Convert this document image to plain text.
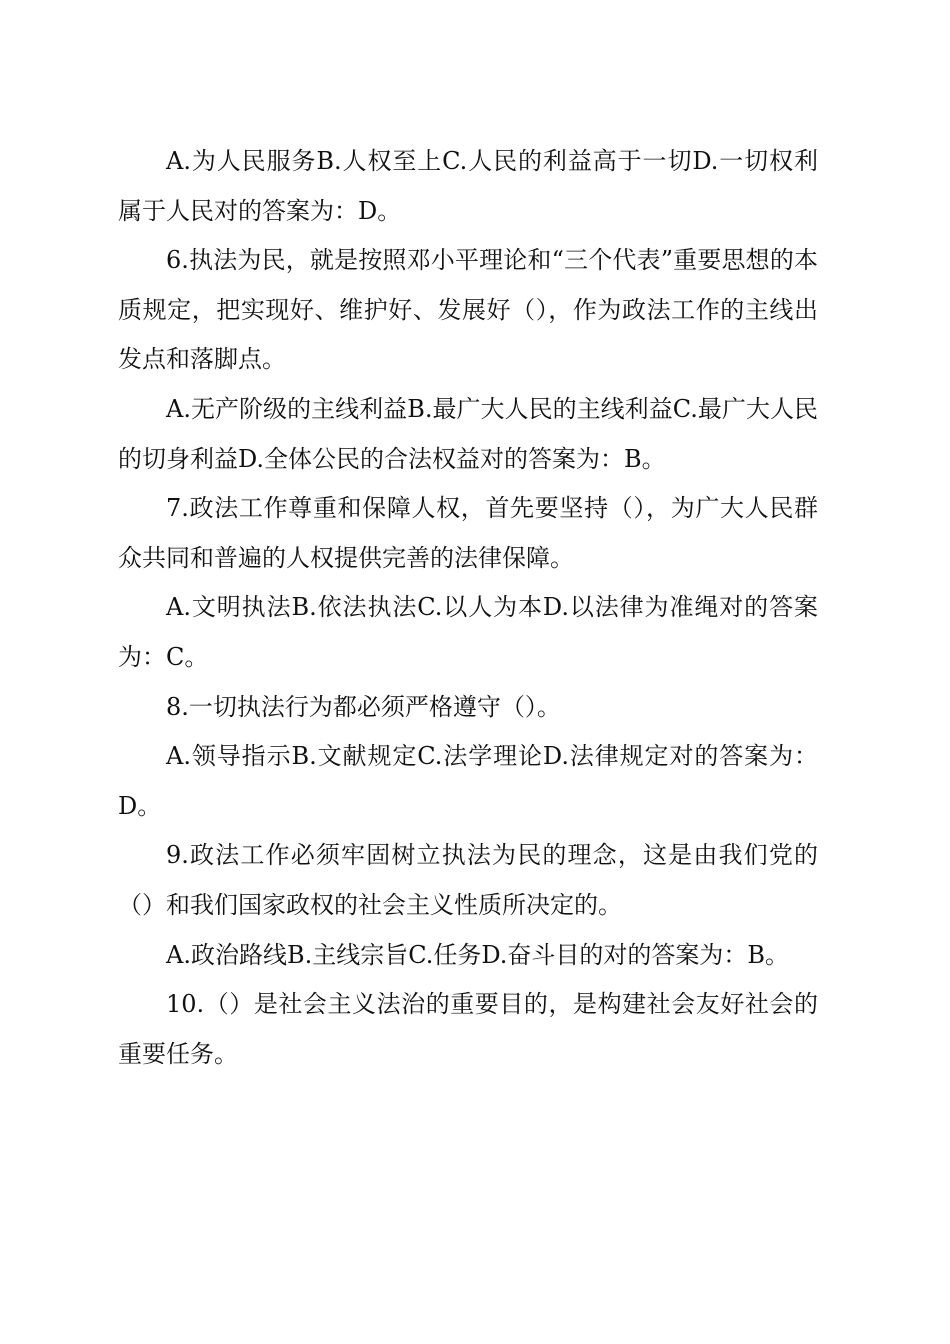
A.为人民服务B.人权至上C.人民的利益高于一切D.一切权利属于人民对的答案为：D。

6.执法为民，就是按照邓小平理论和“三个代表”重要思想的本质规定，把实现好、维护好、发展好（），作为政法工作的主线出发点和落脚点。

A.无产阶级的主线利益B.最广大人民的主线利益C.最广大人民的切身利益D.全体公民的合法权益对的答案为：B。

7.政法工作尊重和保障人权，首先要坚持（），为广大人民群众共同和普遍的人权提供完善的法律保障。

A.文明执法B.依法执法C.以人为本D.以法律为准绳对的答案为：C。

8.一切执法行为都必须严格遵守（）。

A.领导指示B.文献规定C.法学理论D.法律规定对的答案为：D。

9.政法工作必须牢固树立执法为民的理念，这是由我们党的（）和我们国家政权的社会主义性质所决定的。

A.政治路线B.主线宗旨C.任务D.奋斗目的对的答案为：B。

10.（）是社会主义法治的重要目的，是构建社会友好社会的重要任务。
